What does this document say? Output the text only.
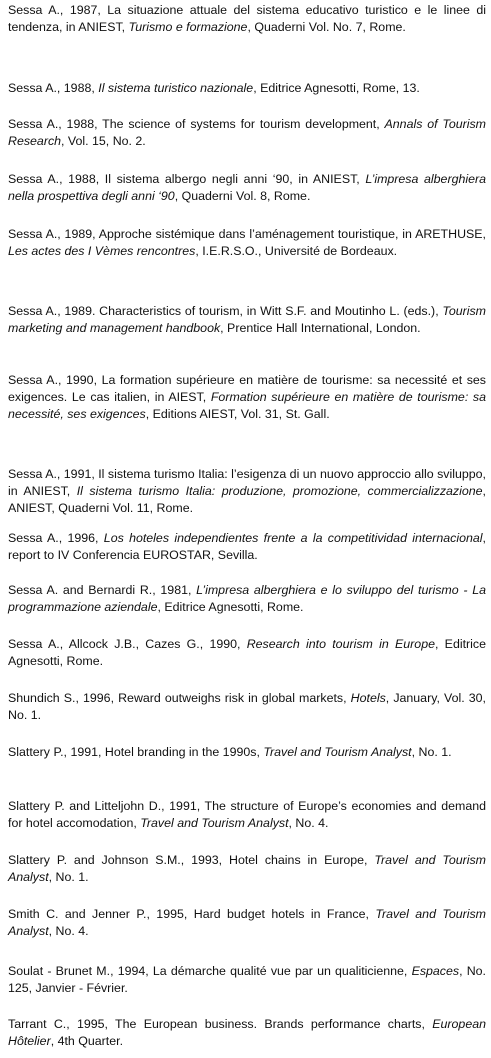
Sessa A., 1987, La situazione attuale del sistema educativo turistico e le linee di tendenza, in ANIEST, Turismo e formazione, Quaderni Vol. No. 7, Rome.

Sessa A., 1988, Il sistema turistico nazionale, Editrice Agnesotti, Rome, 13.

Sessa A., 1988, The science of systems for tourism development, Annals of Tourism Research, Vol. 15, No. 2.

Sessa A., 1988, Il sistema albergo negli anni ‘90, in ANIEST, L’impresa alberghiera nella prospettiva degli anni ‘90, Quaderni Vol. 8, Rome.

Sessa A., 1989, Approche sistémique dans l’aménagement touristique, in ARETHUSE, Les actes des I Vèmes rencontres, I.E.R.S.O., Université de Bordeaux.

Sessa A., 1989. Characteristics of tourism, in Witt S.F. and Moutinho L. (eds.), Tourism marketing and management handbook, Prentice Hall International, London.

Sessa A., 1990, La formation supérieure en matière de tourisme: sa necessité et ses exigences. Le cas italien, in AIEST, Formation supérieure en matière de tourisme: sa necessité, ses exigences, Editions AIEST, Vol. 31, St. Gall.

Sessa A., 1991, Il sistema turismo Italia: l’esigenza di un nuovo approccio allo sviluppo, in ANIEST, Il sistema turismo Italia: produzione, promozione, commercializzazione, ANIEST, Quaderni Vol. 11, Rome.

Sessa A., 1996, Los hoteles independientes frente a la competitividad internacional, report to IV Conferencia EUROSTAR, Sevilla.

Sessa A. and Bernardi R., 1981, L’impresa alberghiera e lo sviluppo del turismo - La programmazione aziendale, Editrice Agnesotti, Rome.

Sessa A., Allcock J.B., Cazes G., 1990, Research into tourism in Europe, Editrice Agnesotti, Rome.

Shundich S., 1996, Reward outweighs risk in global markets, Hotels, January, Vol. 30, No. 1.

Slattery P., 1991, Hotel branding in the 1990s, Travel and Tourism Analyst, No. 1.

Slattery P. and Litteljohn D., 1991, The structure of Europe’s economies and demand for hotel accomodation, Travel and Tourism Analyst, No. 4.

Slattery P. and Johnson S.M., 1993, Hotel chains in Europe, Travel and Tourism Analyst, No. 1.

Smith C. and Jenner P., 1995, Hard budget hotels in France, Travel and Tourism Analyst, No. 4.

Soulat - Brunet M., 1994, La démarche qualité vue par un qualiticienne, Espaces, No. 125, Janvier - Février.

Tarrant C., 1995, The European business. Brands performance charts, European Hôtelier, 4th Quarter.
